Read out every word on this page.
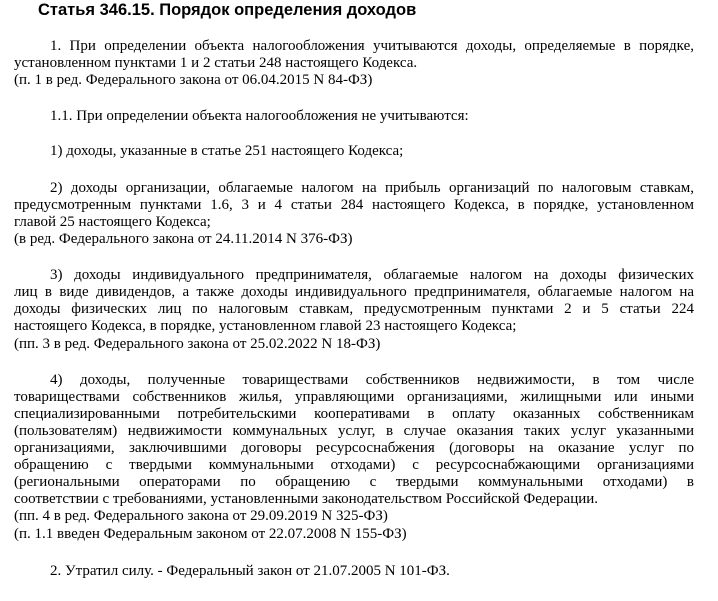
Статья 346.15. Порядок определения доходов
1. При определении объекта налогообложения учитываются доходы, определяемые в порядке,
установленном пунктами 1 и 2 статьи 248 настоящего Кодекса.
(п. 1 в ред. Федерального закона от 06.04.2015 N 84-ФЗ)
1.1. При определении объекта налогообложения не учитываются:
1) доходы, указанные в статье 251 настоящего Кодекса;
2) доходы организации, облагаемые налогом на прибыль организаций по налоговым ставкам,
предусмотренным пунктами 1.6, 3 и 4 статьи 284 настоящего Кодекса, в порядке, установленном
главой 25 настоящего Кодекса;
(в ред. Федерального закона от 24.11.2014 N 376-ФЗ)
3) доходы индивидуального предпринимателя, облагаемые налогом на доходы физических
лиц в виде дивидендов, а также доходы индивидуального предпринимателя, облагаемые налогом на
доходы физических лиц по налоговым ставкам, предусмотренным пунктами 2 и 5 статьи 224
настоящего Кодекса, в порядке, установленном главой 23 настоящего Кодекса;
(пп. 3 в ред. Федерального закона от 25.02.2022 N 18-ФЗ)
4) доходы, полученные товариществами собственников недвижимости, в том числе
товариществами собственников жилья, управляющими организациями, жилищными или иными
специализированными потребительскими кооперативами в оплату оказанных собственникам
(пользователям) недвижимости коммунальных услуг, в случае оказания таких услуг указанными
организациями, заключившими договоры ресурсоснабжения (договоры на оказание услуг по
обращению с твердыми коммунальными отходами) с ресурсоснабжающими организациями
(региональными операторами по обращению с твердыми коммунальными отходами) в
соответствии с требованиями, установленными законодательством Российской Федерации.
(пп. 4 в ред. Федерального закона от 29.09.2019 N 325-ФЗ)
(п. 1.1 введен Федеральным законом от 22.07.2008 N 155-ФЗ)
2. Утратил силу. - Федеральный закон от 21.07.2005 N 101-ФЗ.
